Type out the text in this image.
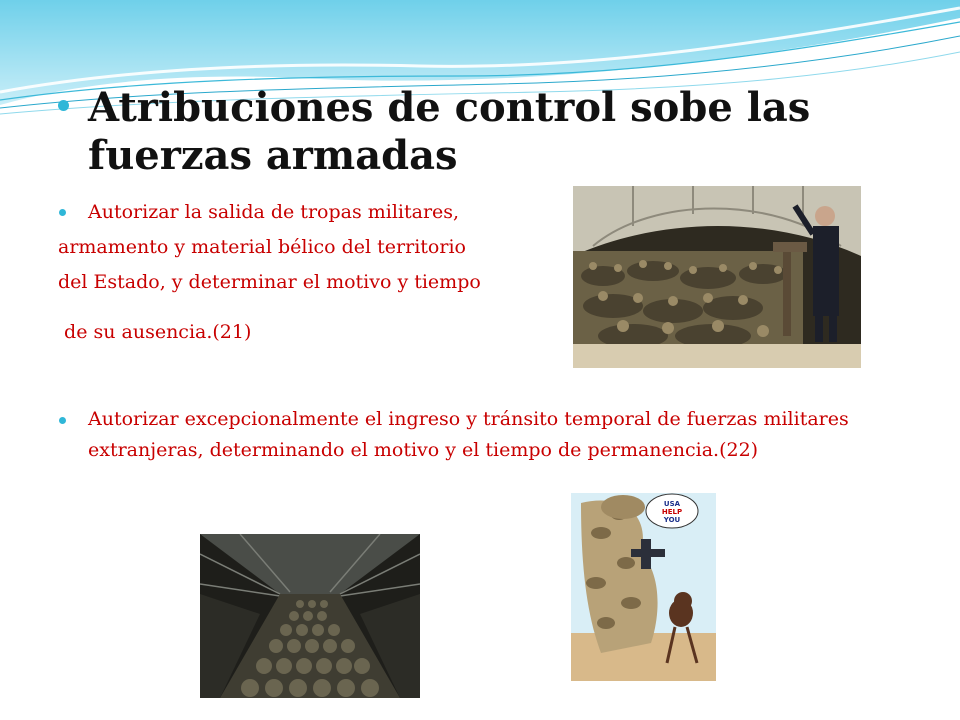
Atribuciones de control sobe las fuerzas armadas
Autorizar la salida de tropas militares,
armamento y material bélico del territorio
del Estado, y determinar el motivo y tiempo
de su ausencia.(21)
Autorizar excepcionalmente el ingreso y tránsito temporal de fuerzas militares extranjeras, determinando el motivo y el tiempo de permanencia.(22)
USA
HELP
YOU
